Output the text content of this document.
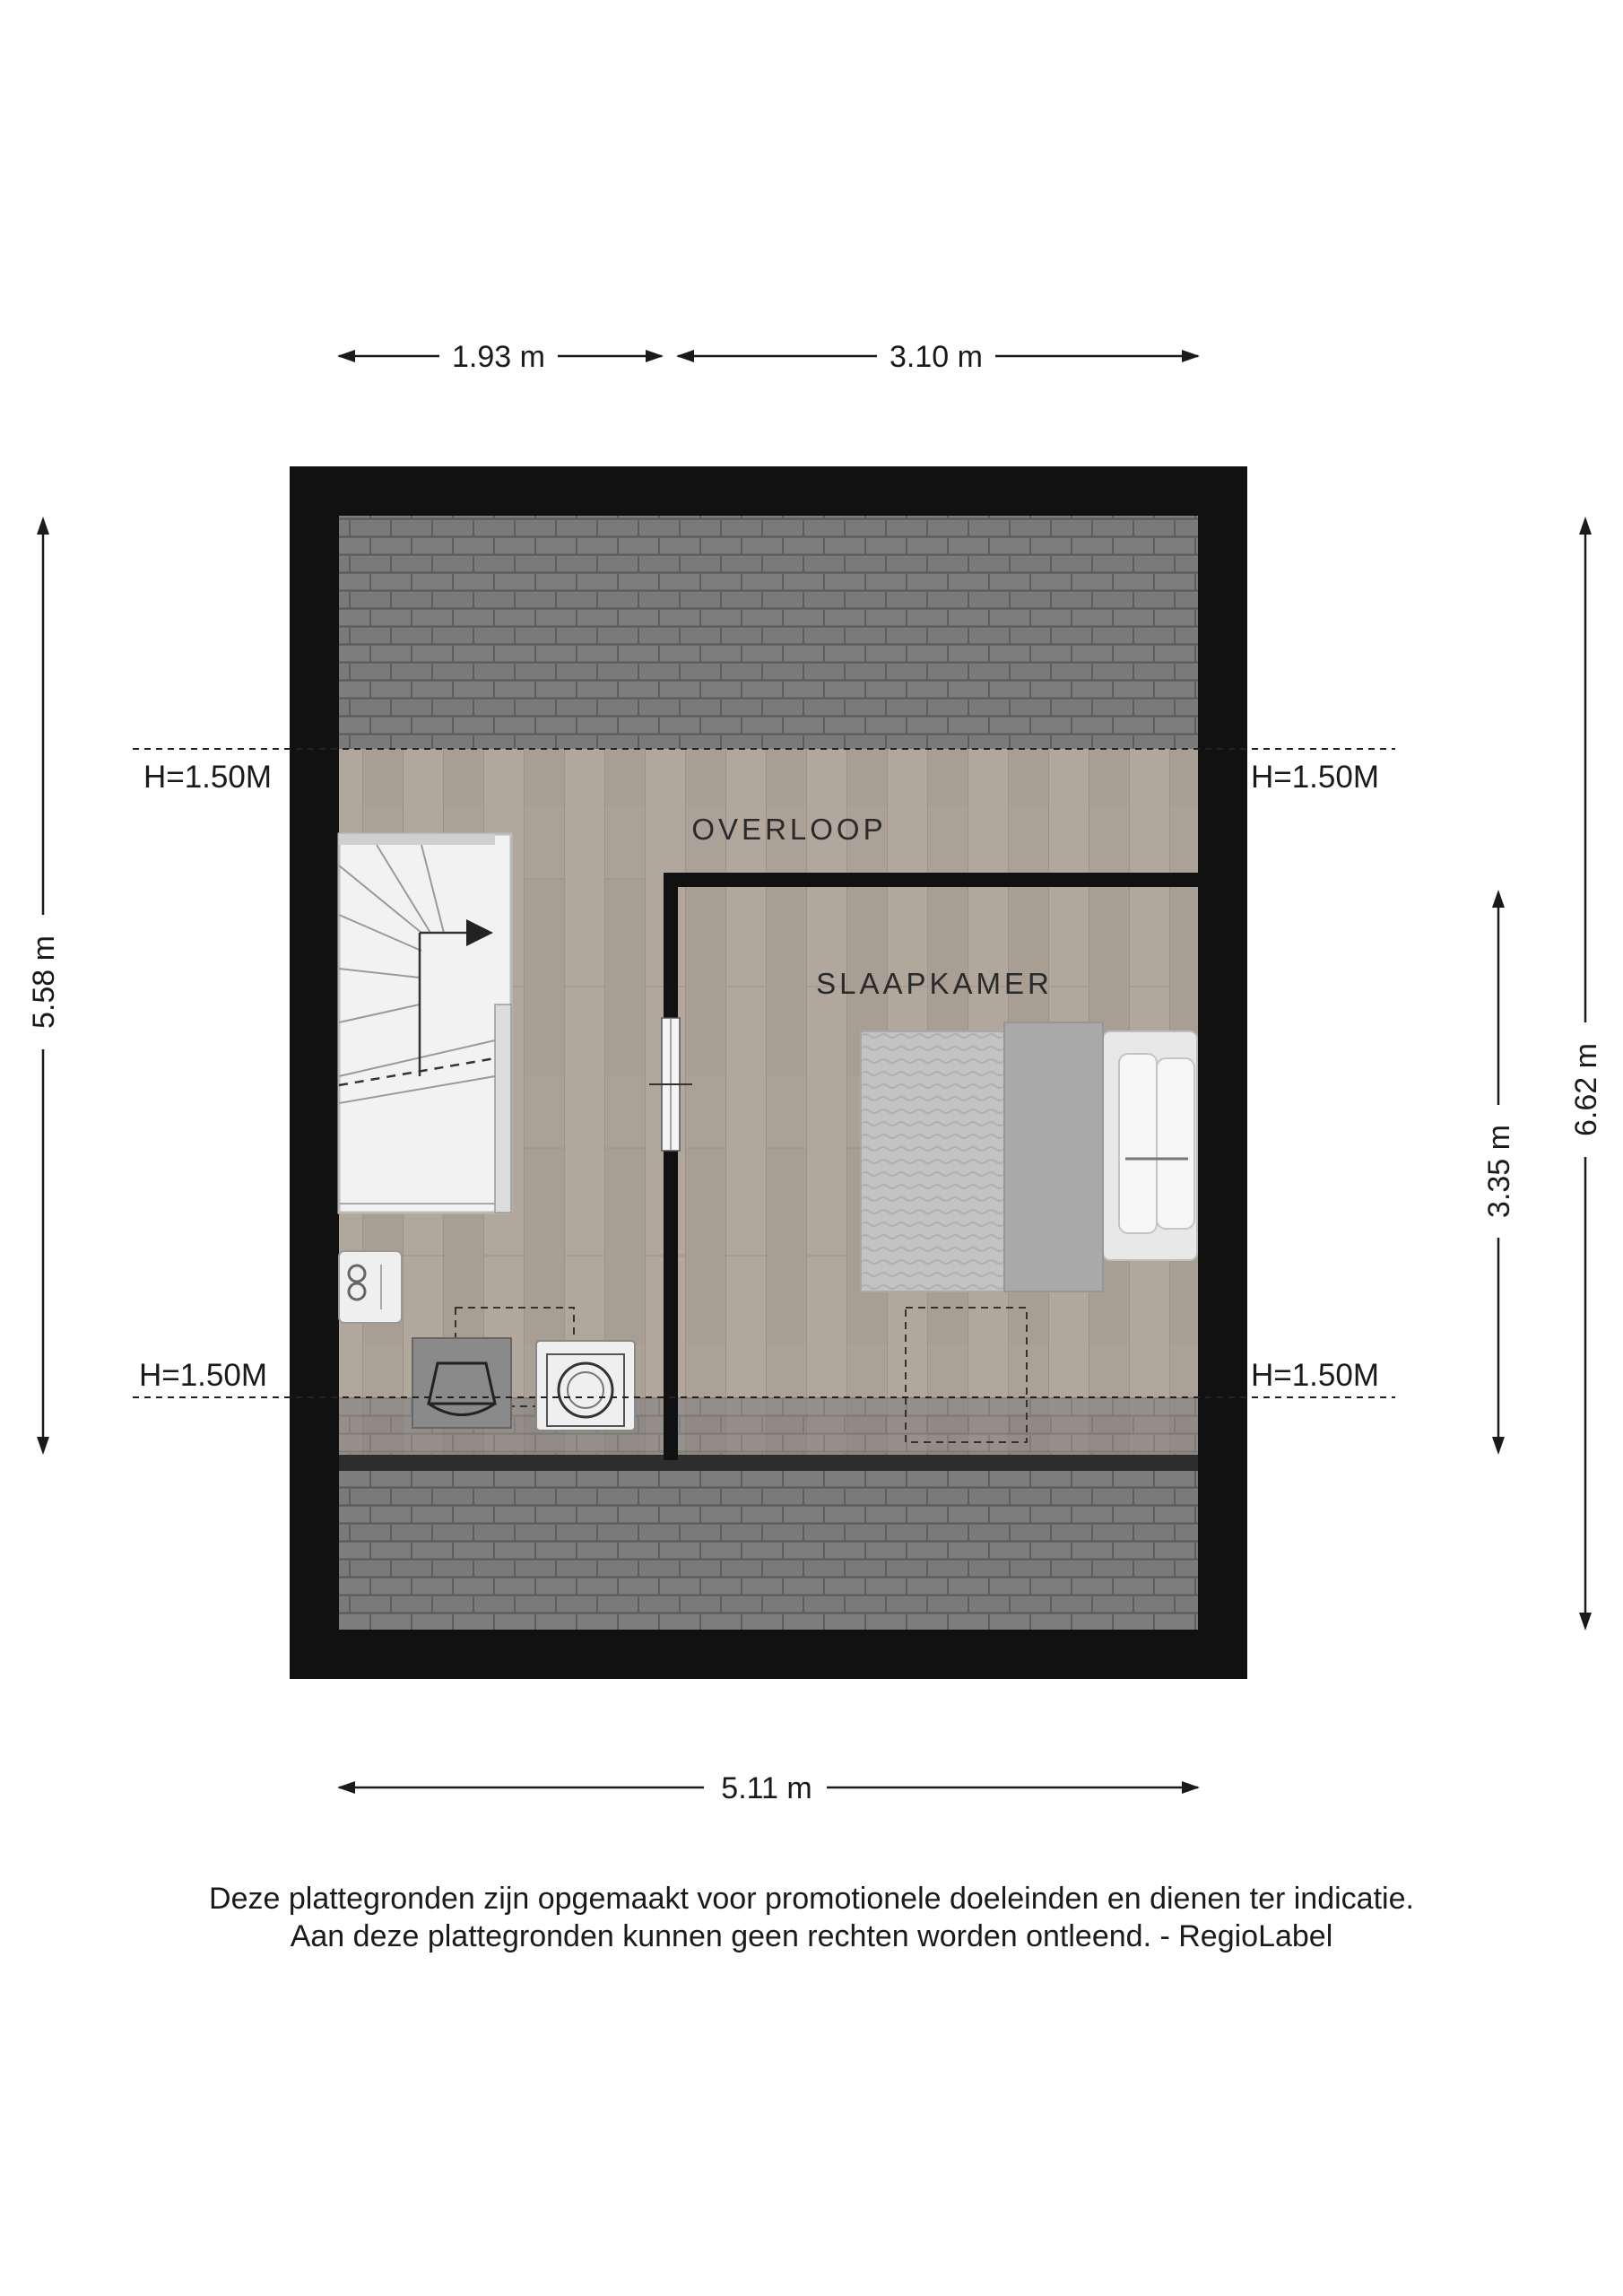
1.93 m	3.10 m
5.58 m
3.35 m
6.62 m
H=1.50M	H=1.50M
H=1.50M	H=1.50M
OVERLOOP
SLAAPKAMER
5.11 m
Deze plattegronden zijn opgemaakt voor promotionele doeleinden en dienen ter indicatie.
Aan deze plattegronden kunnen geen rechten worden ontleend. - RegioLabel
